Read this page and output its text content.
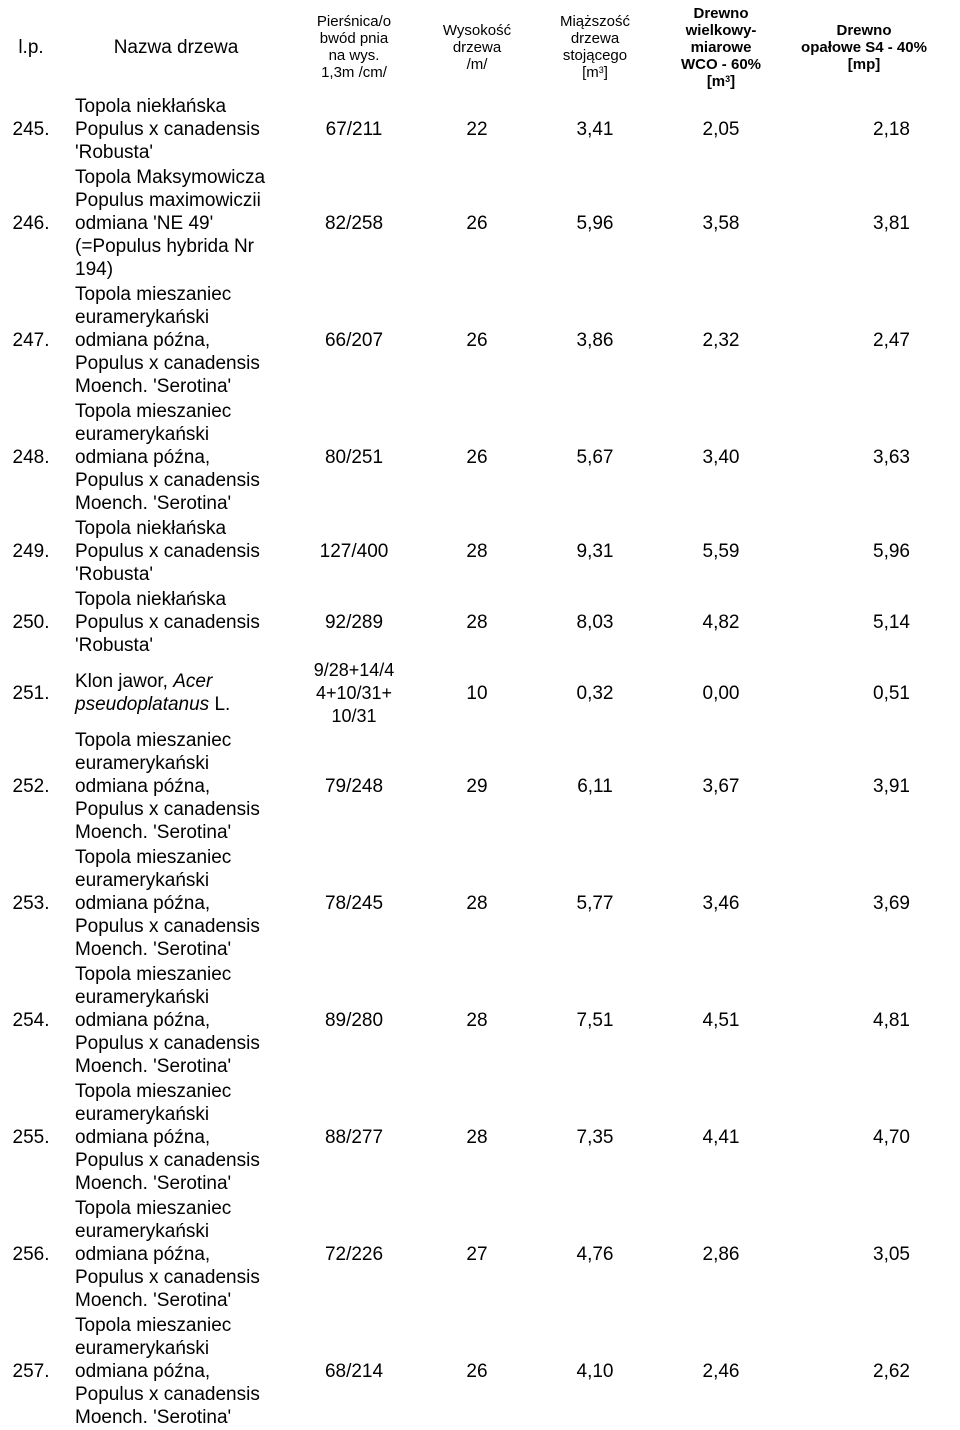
l.p.	Nazwa drzewa	Pierśnica/o
bwód pnia
na wys.
1,3m /cm/	Wysokość
drzewa
/m/	Miąższość
drzewa
stojącego
$[m^3]$	Drewno
wielkowy-
miarowe
WCO - 60%
$[m^3]$	Drewno opałowe S4 - 40% [mp]
245.	Topola niekłańska
Populus x canadensis
'Robusta'	67/211	22	3,41	2,05	2,18
246.	Topola Maksymowicza
Populus maximowiczii
odmiana 'NE 49'
(=Populus hybrida Nr
194)	82/258	26	5,96	3,58	3,81
247.	Topola mieszaniec
euramerykański
odmiana późna,
Populus x canadensis
Moench. 'Serotina'	66/207	26	3,86	2,32	2,47
248.	Topola mieszaniec
euramerykański
odmiana późna,
Populus x canadensis
Moench. 'Serotina'	80/251	26	5,67	3,40	3,63
249.	Topola niekłańska
Populus x canadensis
'Robusta'	127/400	28	9,31	5,59	5,96
250.	Topola niekłańska
Populus x canadensis
'Robusta'	92/289	28	8,03	4,82	5,14
251.	Klon jawor, Acer
pseudoplatanus L.	9/28+14/4
4+10/31+
10/31	10	0,32	0,00	0,51
252.	Topola mieszaniec
euramerykański
odmiana późna,
Populus x canadensis
Moench. 'Serotina'	79/248	29	6,11	3,67	3,91
253.	Topola mieszaniec
euramerykański
odmiana późna,
Populus x canadensis
Moench. 'Serotina'	78/245	28	5,77	3,46	3,69
254.	Topola mieszaniec
euramerykański
odmiana późna,
Populus x canadensis
Moench. 'Serotina'	89/280	28	7,51	4,51	4,81
255.	Topola mieszaniec
euramerykański
odmiana późna,
Populus x canadensis
Moench. 'Serotina'	88/277	28	7,35	4,41	4,70
256.	Topola mieszaniec
euramerykański
odmiana późna,
Populus x canadensis
Moench. 'Serotina'	72/226	27	4,76	2,86	3,05
257.	Topola mieszaniec
euramerykański
odmiana późna,
Populus x canadensis
Moench. 'Serotina'	68/214	26	4,10	2,46	2,62
